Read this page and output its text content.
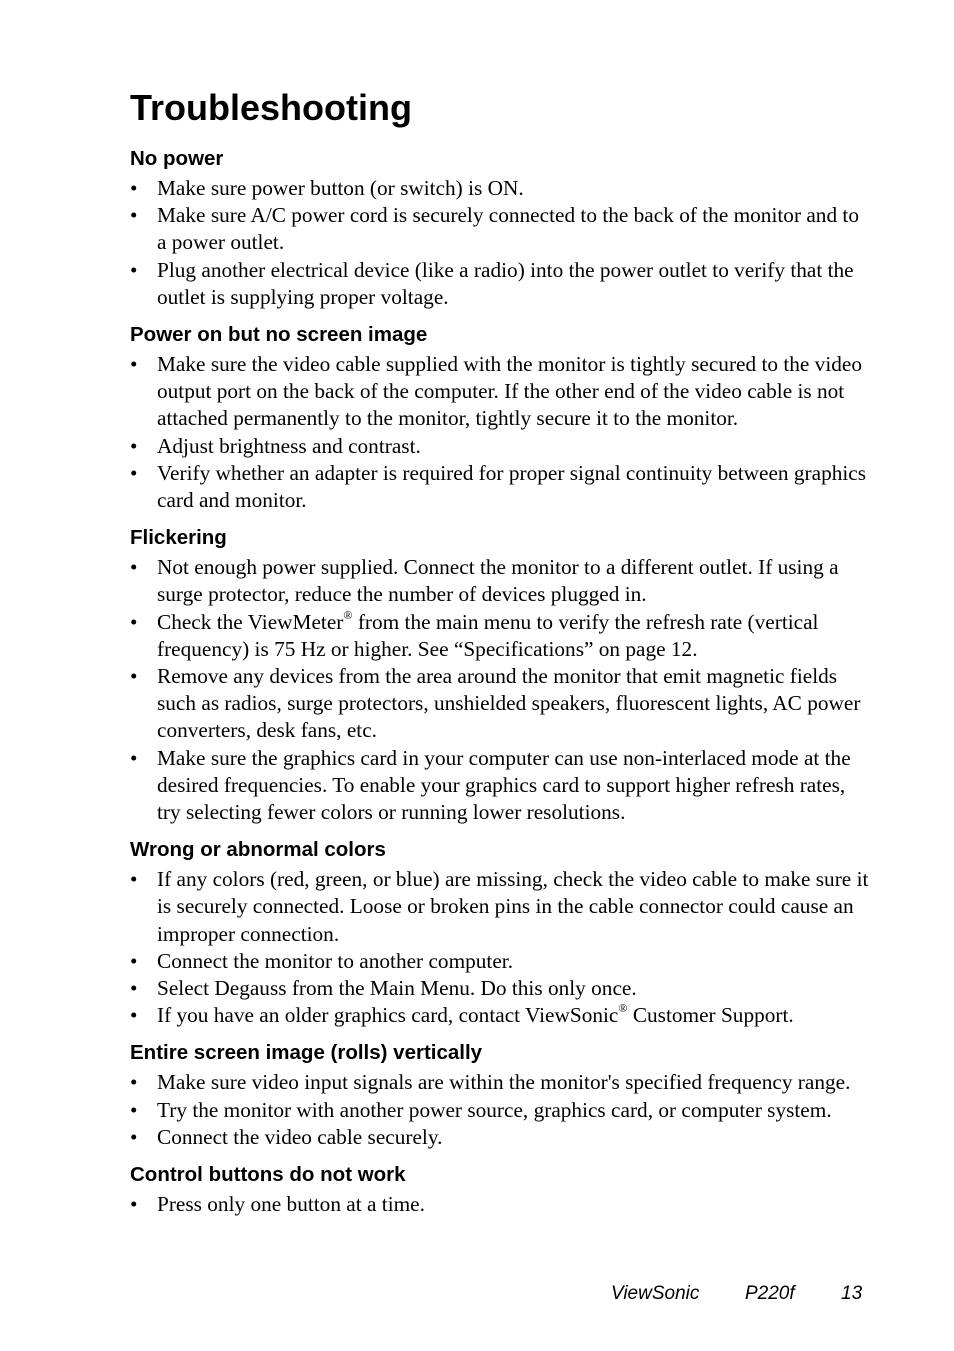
Troubleshooting
No power
• Make sure power button (or switch) is ON.
• Make sure A/C power cord is securely connected to the back of the monitor and to a power outlet.
• Plug another electrical device (like a radio) into the power outlet to verify that the outlet is supplying proper voltage.
Power on but no screen image
• Make sure the video cable supplied with the monitor is tightly secured to the video output port on the back of the computer. If the other end of the video cable is not attached permanently to the monitor, tightly secure it to the monitor.
• Adjust brightness and contrast.
• Verify whether an adapter is required for proper signal continuity between graphics card and monitor.
Flickering
• Not enough power supplied. Connect the monitor to a different outlet. If using a surge protector, reduce the number of devices plugged in.
• Check the ViewMeter® from the main menu to verify the refresh rate (vertical frequency) is 75 Hz or higher. See “Specifications” on page 12.
• Remove any devices from the area around the monitor that emit magnetic fields such as radios, surge protectors, unshielded speakers, fluorescent lights, AC power converters, desk fans, etc.
• Make sure the graphics card in your computer can use non-interlaced mode at the desired frequencies. To enable your graphics card to support higher refresh rates, try selecting fewer colors or running lower resolutions.
Wrong or abnormal colors
• If any colors (red, green, or blue) are missing, check the video cable to make sure it is securely connected. Loose or broken pins in the cable connector could cause an improper connection.
• Connect the monitor to another computer.
• Select Degauss from the Main Menu. Do this only once.
• If you have an older graphics card, contact ViewSonic® Customer Support.
Entire screen image (rolls) vertically
• Make sure video input signals are within the monitor's specified frequency range.
• Try the monitor with another power source, graphics card, or computer system.
• Connect the video cable securely.
Control buttons do not work
• Press only one button at a time.
ViewSonic P220f 13
